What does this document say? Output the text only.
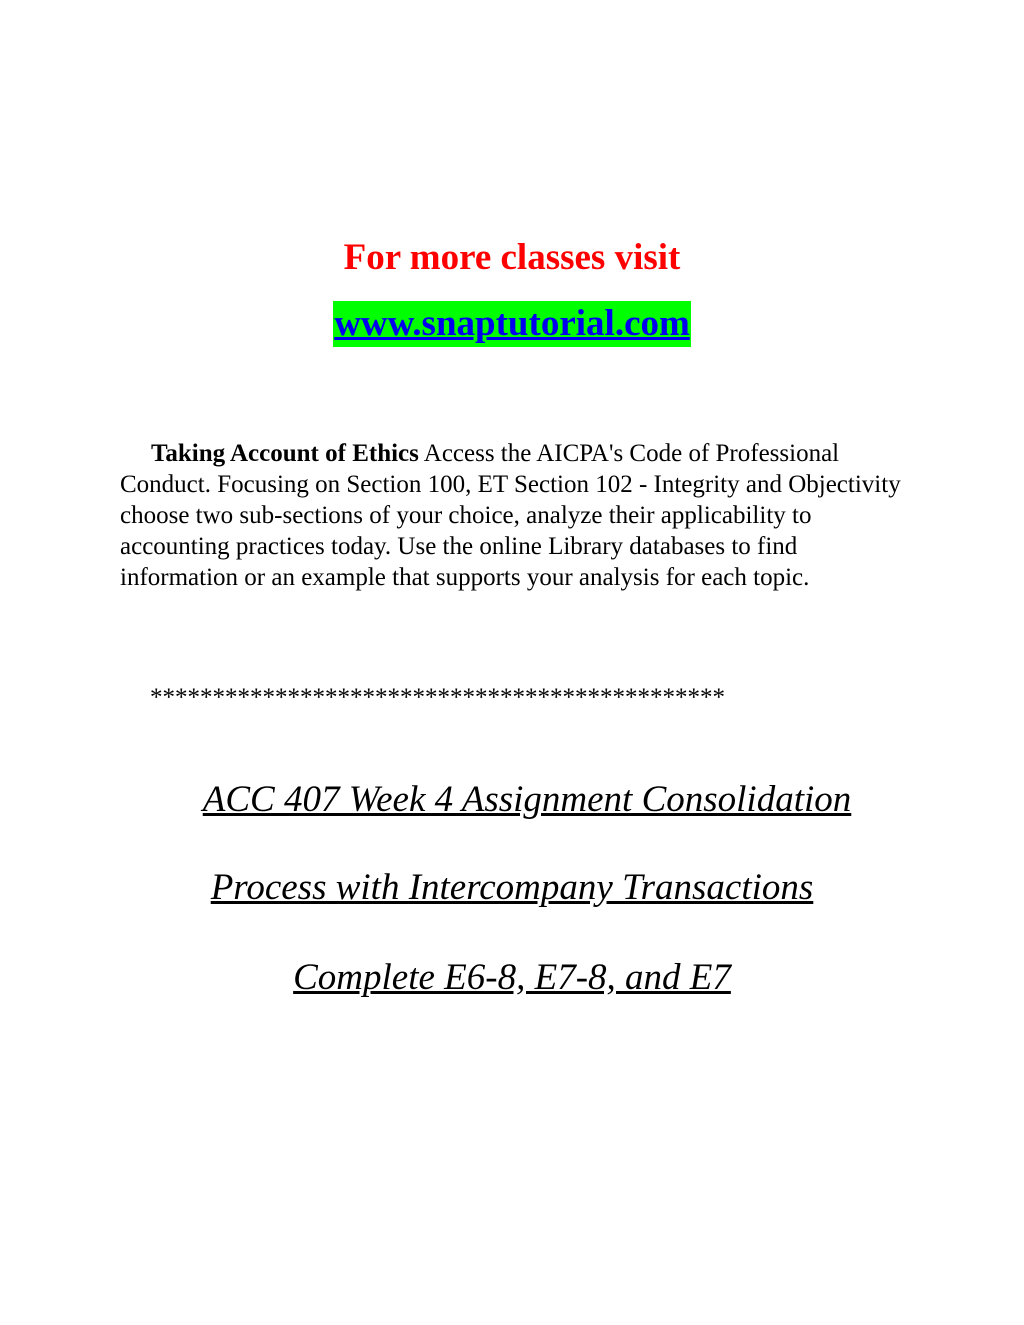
For more classes visit
www.snaptutorial.com
Taking Account of Ethics Access the AICPA's Code of Professional Conduct. Focusing on Section 100, ET Section 102 - Integrity and Objectivity choose two sub-sections of your choice, analyze their applicability to accounting practices today. Use the online Library databases to find information or an example that supports your analysis for each topic.
**********************************************
ACC 407 Week 4 Assignment Consolidation
Process with Intercompany Transactions
Complete E6-8, E7-8, and E7
